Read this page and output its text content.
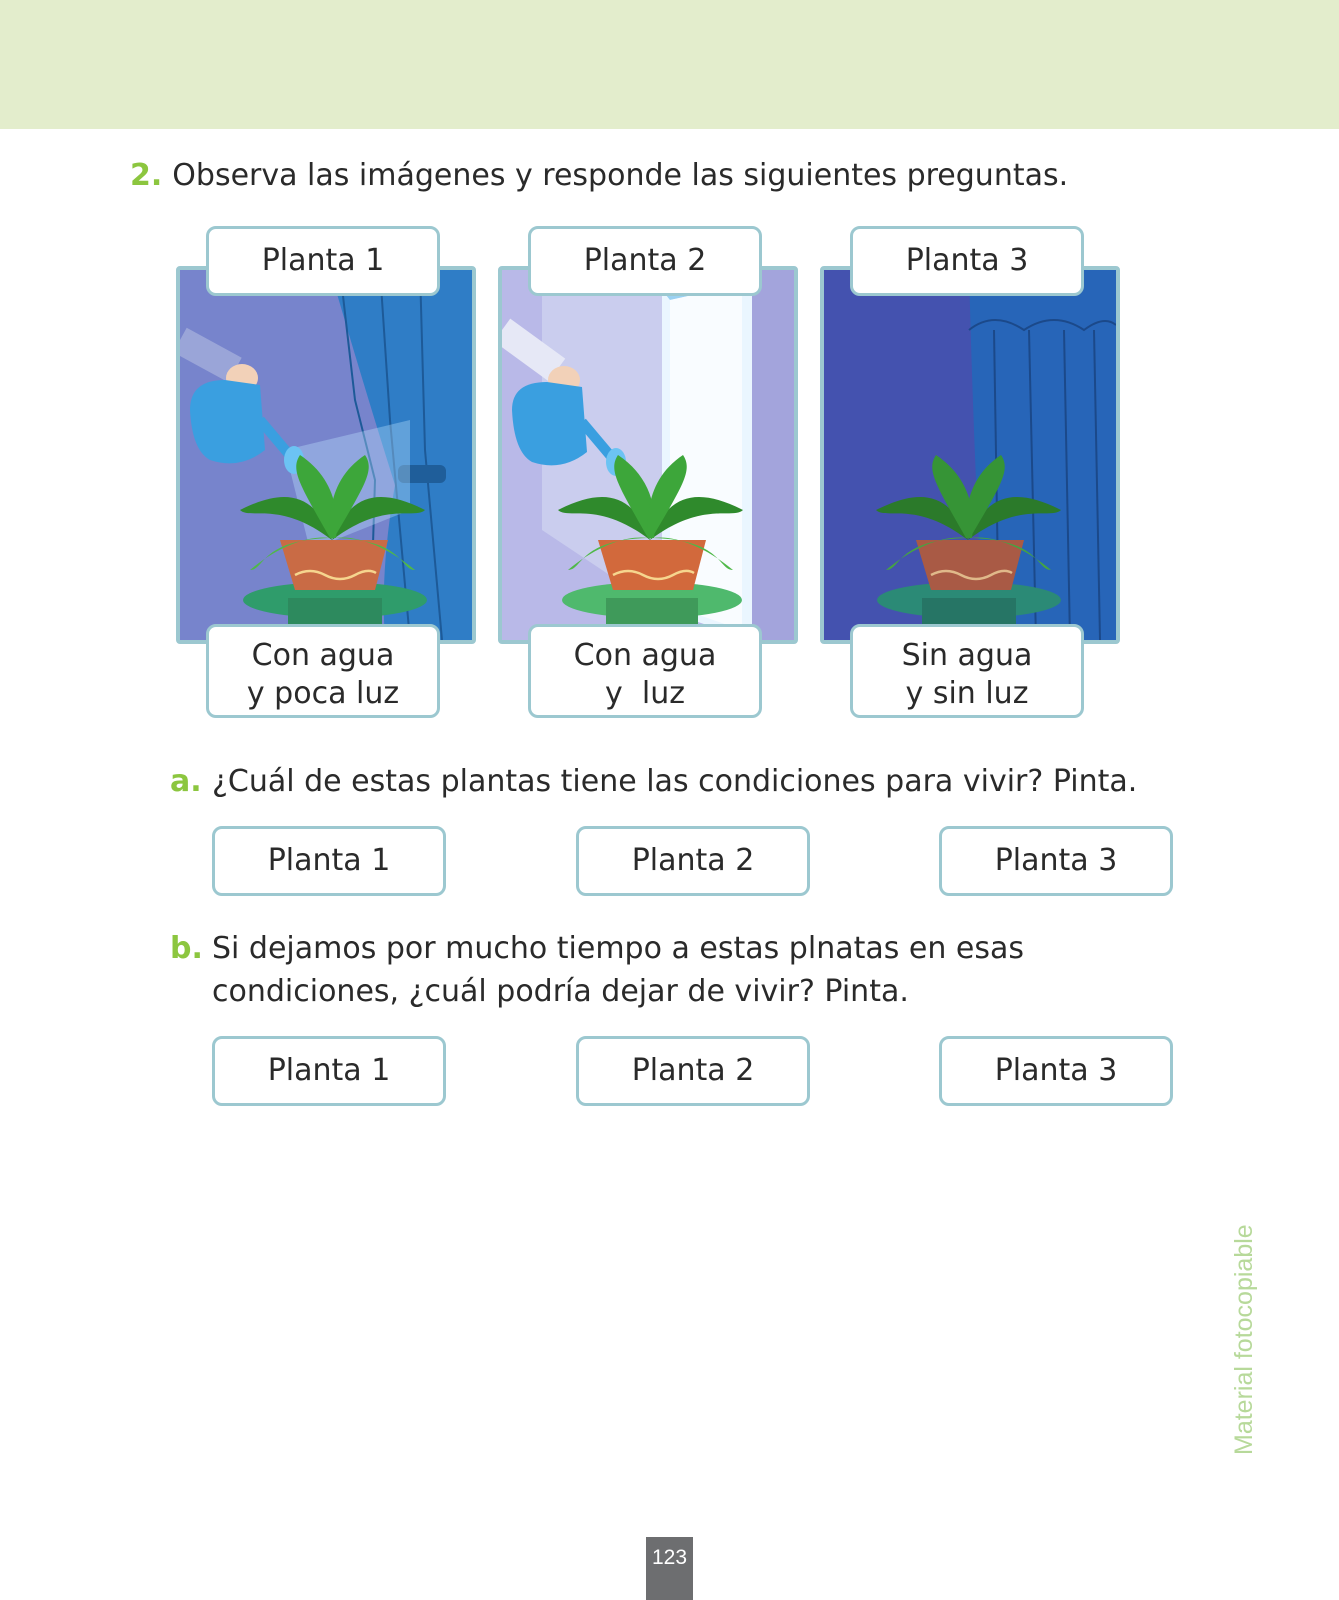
2. Observa las imágenes y responde las siguientes preguntas.
Planta 1
Con agua
y poca luz
Planta 2
Con agua
y  luz
Planta 3
Sin agua
y sin luz
a. ¿Cuál de estas plantas tiene las condiciones para vivir? Pinta.
Planta 1	Planta 2	Planta 3
b. Si dejamos por mucho tiempo a estas plnatas en esas
condiciones, ¿cuál podría dejar de vivir? Pinta.
Planta 1	Planta 2	Planta 3
Material fotocopiable
123
